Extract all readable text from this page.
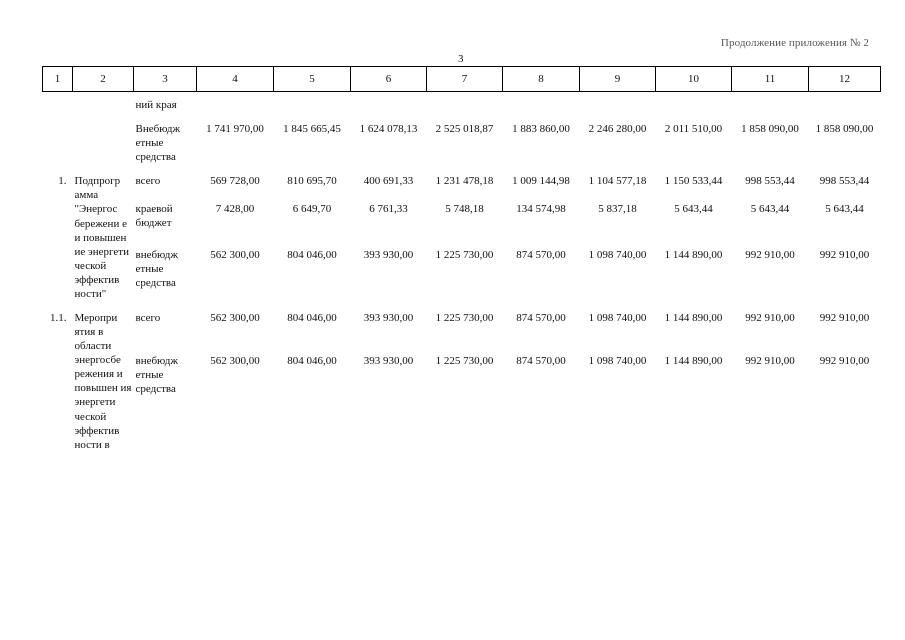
Продолжение приложения № 2
3
1	2	3	4	5	6	7	8	9	10	11	12
		ний края									

		Внебюдж етные средства	1 741 970,00	1 845 665,45	1 624 078,13	2 525 018,87	1 883 860,00	2 246 280,00	2 011 510,00	1 858 090,00	1 858 090,00

1.	Подпрогр амма "Энергос бережени е и повышен ие энергети ческой эффектив ности"	всего	569 728,00	810 695,70	400 691,33	1 231 478,18	1 009 144,98	1 104 577,18	1 150 533,44	998 553,44	998 553,44

		краевой бюджет	7 428,00	6 649,70	6 761,33	5 748,18	134 574,98	5 837,18	5 643,44	5 643,44	5 643,44

		внебюдж етные средства	562 300,00	804 046,00	393 930,00	1 225 730,00	874 570,00	1 098 740,00	1 144 890,00	992 910,00	992 910,00

1.1.	Меропри ятия в области энергосбе режения и повышен ия энергети ческой эффектив ности в	всего	562 300,00	804 046,00	393 930,00	1 225 730,00	874 570,00	1 098 740,00	1 144 890,00	992 910,00	992 910,00

		внебюдж етные средства	562 300,00	804 046,00	393 930,00	1 225 730,00	874 570,00	1 098 740,00	1 144 890,00	992 910,00	992 910,00
